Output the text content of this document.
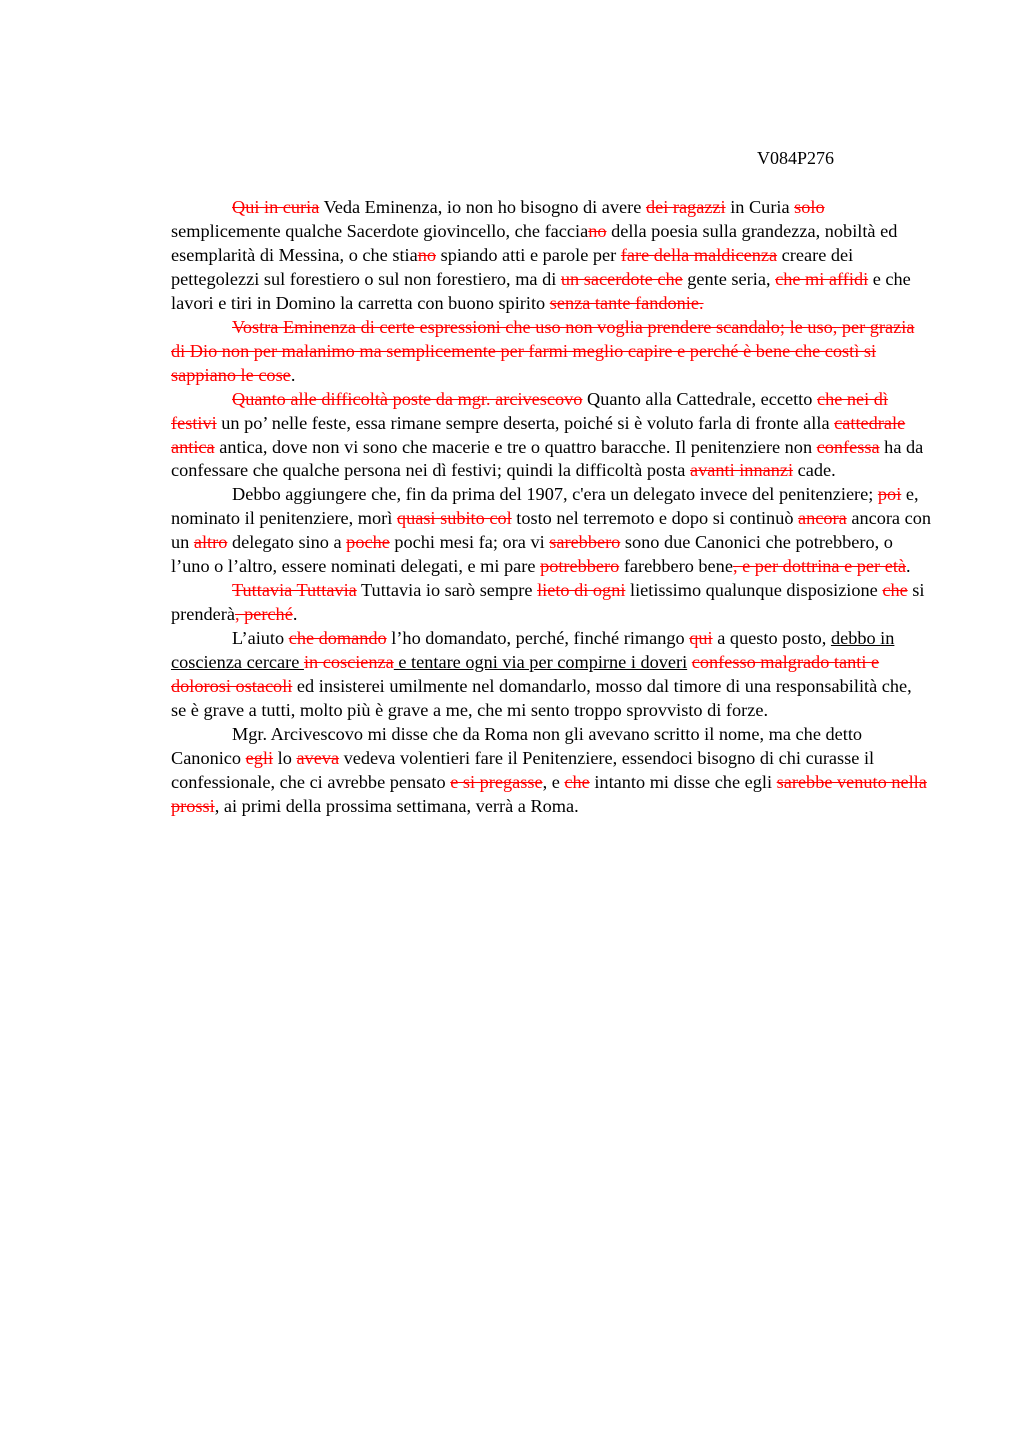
V084P276

Qui in curia Veda Eminenza, io non ho bisogno di avere dei ragazzi in Curia solo semplicemente qualche Sacerdote giovincello, che facciano della poesia sulla grandezza, nobiltà ed esemplarità di Messina, o che stiano spiando atti e parole per fare della maldicenza creare dei pettegolezzi sul forestiero o sul non forestiero, ma di un sacerdote che gente seria, che mi affidi e che lavori e tiri in Domino la carretta con buono spirito senza tante fandonie.

Vostra Eminenza di certe espressioni che uso non voglia prendere scandalo; le uso, per grazia di Dio non per malanimo ma semplicemente per farmi meglio capire e perché è bene che costì si sappiano le cose.

Quanto alle difficoltà poste da mgr. arcivescovo Quanto alla Cattedrale, eccetto che nei dì festivi un po’ nelle feste, essa rimane sempre deserta, poiché si è voluto farla di fronte alla cattedrale antica antica, dove non vi sono che macerie e tre o quattro baracche. Il penitenziere non confessa ha da confessare che qualche persona nei dì festivi; quindi la difficoltà posta avanti innanzi cade.

Debbo aggiungere che, fin da prima del 1907, c'era un delegato invece del penitenziere; poi e, nominato il penitenziere, morì quasi subito col tosto nel terremoto e dopo si continuò ancora ancora con un altro delegato sino a poche pochi mesi fa; ora vi sarebbero sono due Canonici che potrebbero, o l’uno o l’altro, essere nominati delegati, e mi pare potrebbero farebbero bene, e per dottrina e per età.

Tuttavia Tuttavia Tuttavia io sarò sempre lieto di ogni lietissimo qualunque disposizione che si prenderà, perché.

L’aiuto che domando l’ho domandato, perché, finché rimango qui a questo posto, debbo in coscienza cercare in coscienza e tentare ogni via per compirne i doveri confesso malgrado tanti e dolorosi ostacoli ed insisterei umilmente nel domandarlo, mosso dal timore di una responsabilità che, se è grave a tutti, molto più è grave a me, che mi sento troppo sprovvisto di forze.

Mgr. Arcivescovo mi disse che da Roma non gli avevano scritto il nome, ma che detto Canonico egli lo aveva vedeva volentieri fare il Penitenziere, essendoci bisogno di chi curasse il confessionale, che ci avrebbe pensato e si pregasse, e che intanto mi disse che egli sarebbe venuto nella prossi, ai primi della prossima settimana, verrà a Roma.
